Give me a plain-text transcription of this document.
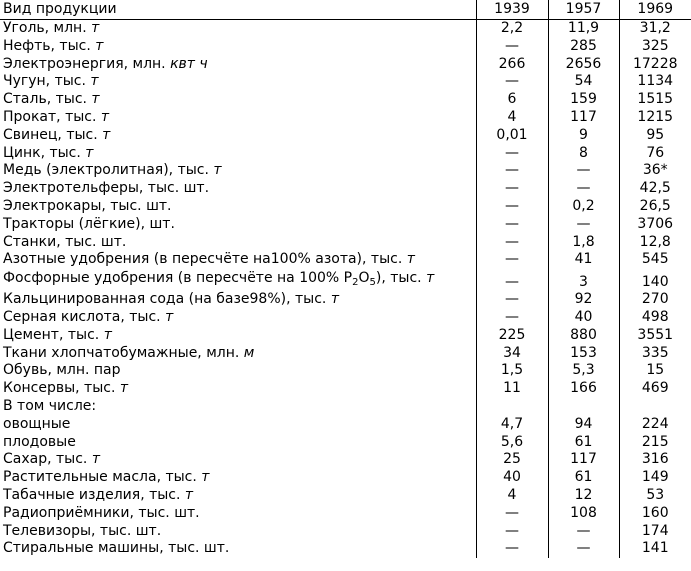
Вид продукции	1939	1957	1969
Уголь, млн. т	2,2	11,9	31,2
Нефть, тыс. т	—	285	325
Электроэнергия, млн. квт ч	266	2656	17228
Чугун, тыс. т	—	54	1134
Сталь, тыс. т	6	159	1515
Прокат, тыс. т	4	117	1215
Свинец, тыс. т	0,01	9	95
Цинк, тыс. т	—	8	76
Медь (электролитная), тыс. т	—	—	36*
Электротельферы, тыс. шт.	—	—	42,5
Электрокары, тыс. шт.	—	0,2	26,5
Тракторы (лёгкие), шт.	—	—	3706
Станки, тыс. шт.	—	1,8	12,8
Азотные удобрения (в пересчёте на100% азота), тыс. т	—	41	545
Фосфорные удобрения (в пересчёте на 100% $P_2O_5$), тыс. т	—	3	140
Кальцинированная сода (на базе98%), тыс. т	—	92	270
Серная кислота, тыс. т	—	40	498
Цемент, тыс. т	225	880	3551
Ткани хлопчатобумажные, млн. м	34	153	335
Обувь, млн. пар	1,5	5,3	15
Консервы, тыс. т	11	166	469
В том числе:			
овощные	4,7	94	224
плодовые	5,6	61	215
Сахар, тыс. т	25	117	316
Растительные масла, тыс. т	40	61	149
Табачные изделия, тыс. т	4	12	53
Радиоприёмники, тыс. шт.	—	108	160
Телевизоры, тыс. шт.	—	—	174
Стиральные машины, тыс. шт.	—	—	141
